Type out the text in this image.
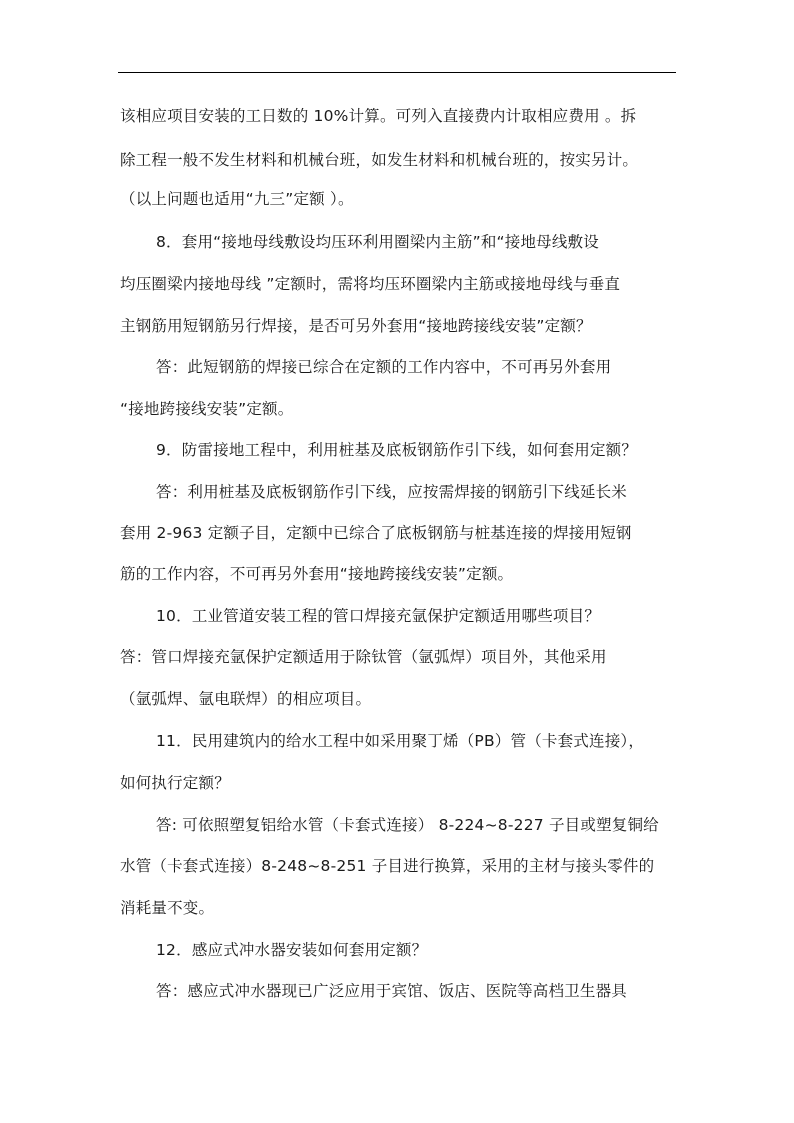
该相应项目安装的工日数的 10%计算。可列入直接费内计取相应费用 。拆
除工程一般不发生材料和机械台班，如发生材料和机械台班的，按实另计。
（以上问题也适用“九三”定额 ）。
8．套用“接地母线敷设均压环利用圈梁内主筋”和“接地母线敷设
均压圈梁内接地母线 ”定额时，需将均压环圈梁内主筋或接地母线与垂直
主钢筋用短钢筋另行焊接，是否可另外套用“接地跨接线安装”定额？
答：此短钢筋的焊接已综合在定额的工作内容中，不可再另外套用
“接地跨接线安装”定额。
9．防雷接地工程中，利用桩基及底板钢筋作引下线，如何套用定额？
答：利用桩基及底板钢筋作引下线，应按需焊接的钢筋引下线延长米
套用 2-963 定额子目，定额中已综合了底板钢筋与桩基连接的焊接用短钢
筋的工作内容，不可再另外套用“接地跨接线安装”定额。
10．工业管道安装工程的管口焊接充氩保护定额适用哪些项目？
答：管口焊接充氩保护定额适用于除钛管（氩弧焊）项目外，其他采用
（氩弧焊、氩电联焊）的相应项目。
11．民用建筑内的给水工程中如采用聚丁烯（PB）管（卡套式连接），
如何执行定额？
答: 可依照塑复铝给水管（卡套式连接） 8-224~8-227 子目或塑复铜给
水管（卡套式连接）8-248~8-251 子目进行换算，采用的主材与接头零件的
消耗量不变。
12．感应式冲水器安装如何套用定额？
答：感应式冲水器现已广泛应用于宾馆、饭店、医院等高档卫生器具
